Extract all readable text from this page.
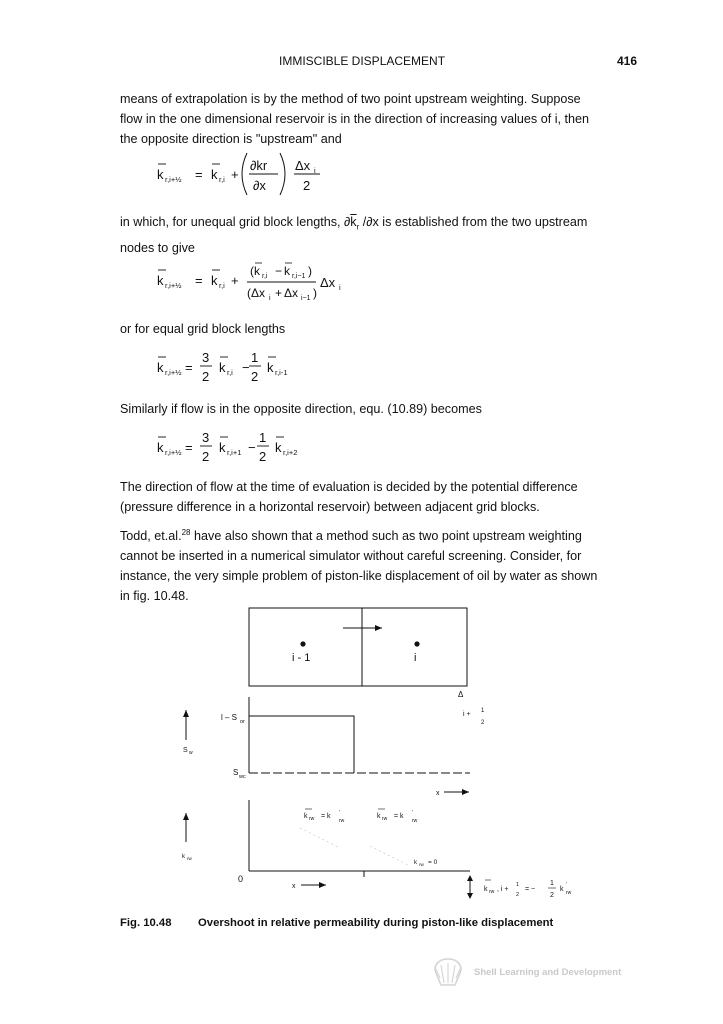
IMMISCIBLE DISPLACEMENT	416
means of extrapolation is by the method of two point upstream weighting. Suppose
flow in the one dimensional reservoir is in the direction of increasing values of i, then
the opposite direction is "upstream" and
k r,i+½ = k r,i +
∂kr
∂x
Δx i
2
in which, for unequal grid block lengths, $\partial\overline{k}_r$ /∂x is established from the two upstream
nodes to give
k r,i+½ = k r,i +
(k r,i − k r,i−1 )
(Δx i + Δx i−1 )
Δx i
or for equal grid block lengths
k r,i+½ =
3
2
k r,i −
1
2
k r,i-1
Similarly if flow is in the opposite direction, equ. (10.89) becomes
k r,i+½ =
3
2
k r,i+1 −
1
2
k r,i+2
The direction of flow at the time of evaluation is decided by the potential difference
(pressure difference in a horizontal reservoir) between adjacent grid blocks.
Todd, et.al.$^{28}$ have also shown that a method such as two point upstream weighting
cannot be inserted in a numerical simulator without careful screening. Consider, for
instance, the very simple problem of piston-like displacement of oil by water as shown
in fig. 10.48.
i - 1	i
Δ
i + 1
2
S w
l – S or
S wc
x
k rw
0
k rw = k '
rw
k rw = k '
rw
k rw = 0
x	k rw , i +
1
2
= −
1
2
k
'
rw
Fig. 10.48 Overshoot in relative permeability during piston-like displacement
Shell Learning and Development
